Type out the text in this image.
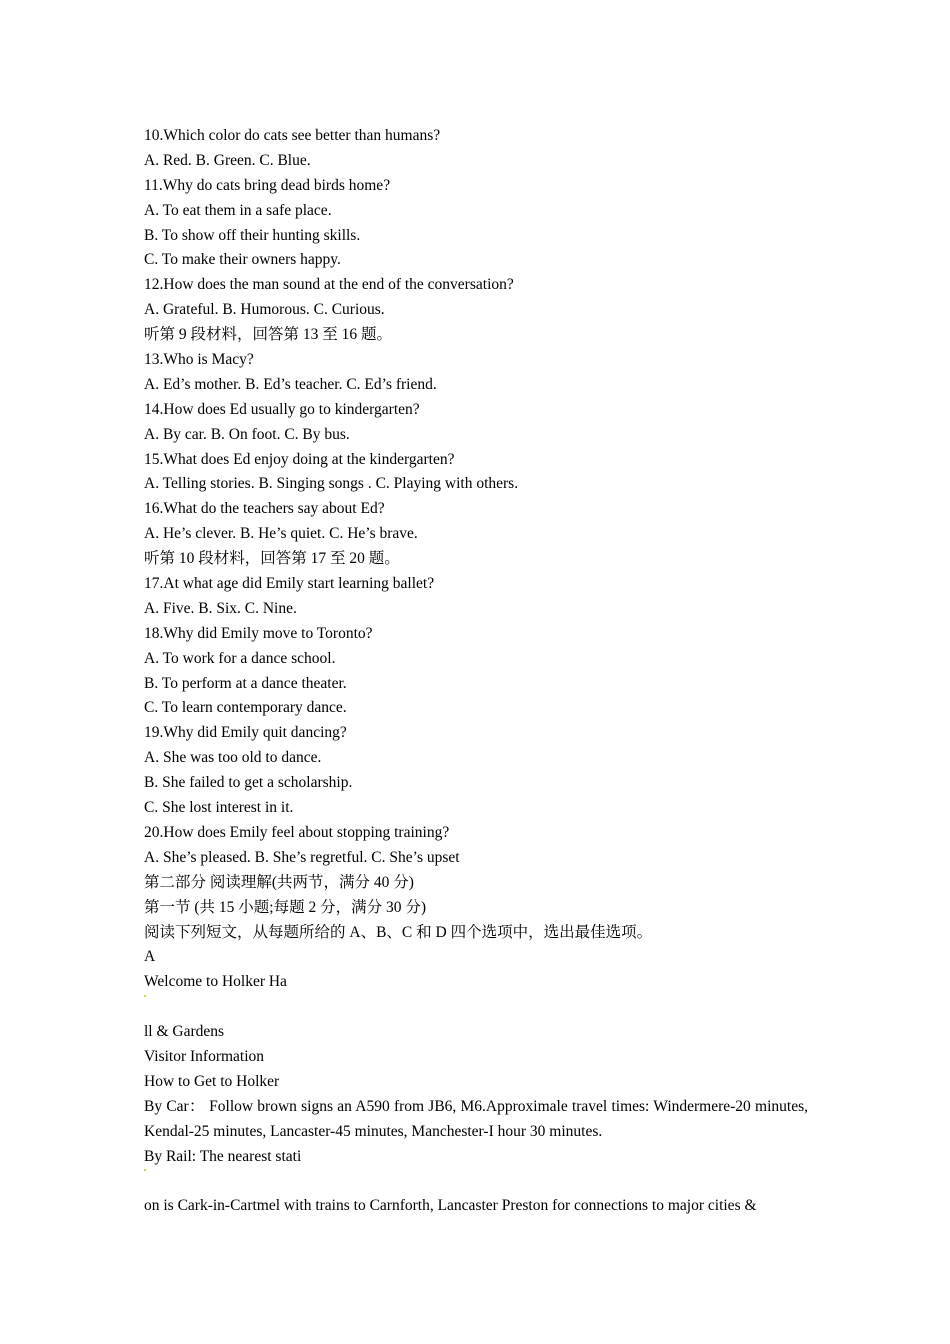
10.Which color do cats see better than humans?
A. Red. B. Green. C. Blue.
11.Why do cats bring dead birds home?
A. To eat them in a safe place.
B. To show off their hunting skills.
C. To make their owners happy.
12.How does the man sound at the end of the conversation?
A. Grateful. B. Humorous. C. Curious.
听第 9 段材料，回答第 13 至 16 题。
13.Who is Macy?
A. Ed’s mother. B. Ed’s teacher. C. Ed’s friend.
14.How does Ed usually go to kindergarten?
A. By car. B. On foot. C. By bus.
15.What does Ed enjoy doing at the kindergarten?
A. Telling stories. B. Singing songs . C. Playing with others.
16.What do the teachers say about Ed?
A. He’s clever. B. He’s quiet. C. He’s brave.
听第 10 段材料，回答第 17 至 20 题。
17.At what age did Emily start learning ballet?
A. Five. B. Six. C. Nine.
18.Why did Emily move to Toronto?
A. To work for a dance school.
B. To perform at a dance theater.
C. To learn contemporary dance.
19.Why did Emily quit dancing?
A. She was too old to dance.
B. She failed to get a scholarship.
C. She lost interest in it.
20.How does Emily feel about stopping training?
A. She’s pleased. B. She’s regretful. C. She’s upset
第二部分 阅读理解(共两节，满分 40 分)
第一节 (共 15 小题;每题 2 分，满分 30 分)
阅读下列短文，从每题所给的 A、B、C 和 D 四个选项中，选出最佳选项。
A
Welcome to Holker Ha
ll & Gardens
Visitor Information
How to Get to Holker
By Car： Follow brown signs an A590 from JB6, M6.Approximale travel times: Windermere-20 minutes, Kendal-25 minutes, Lancaster-45 minutes, Manchester-I hour 30 minutes.
By Rail: The nearest stati
on is Cark-in-Cartmel with trains to Carnforth, Lancaster Preston for connections to major cities &
